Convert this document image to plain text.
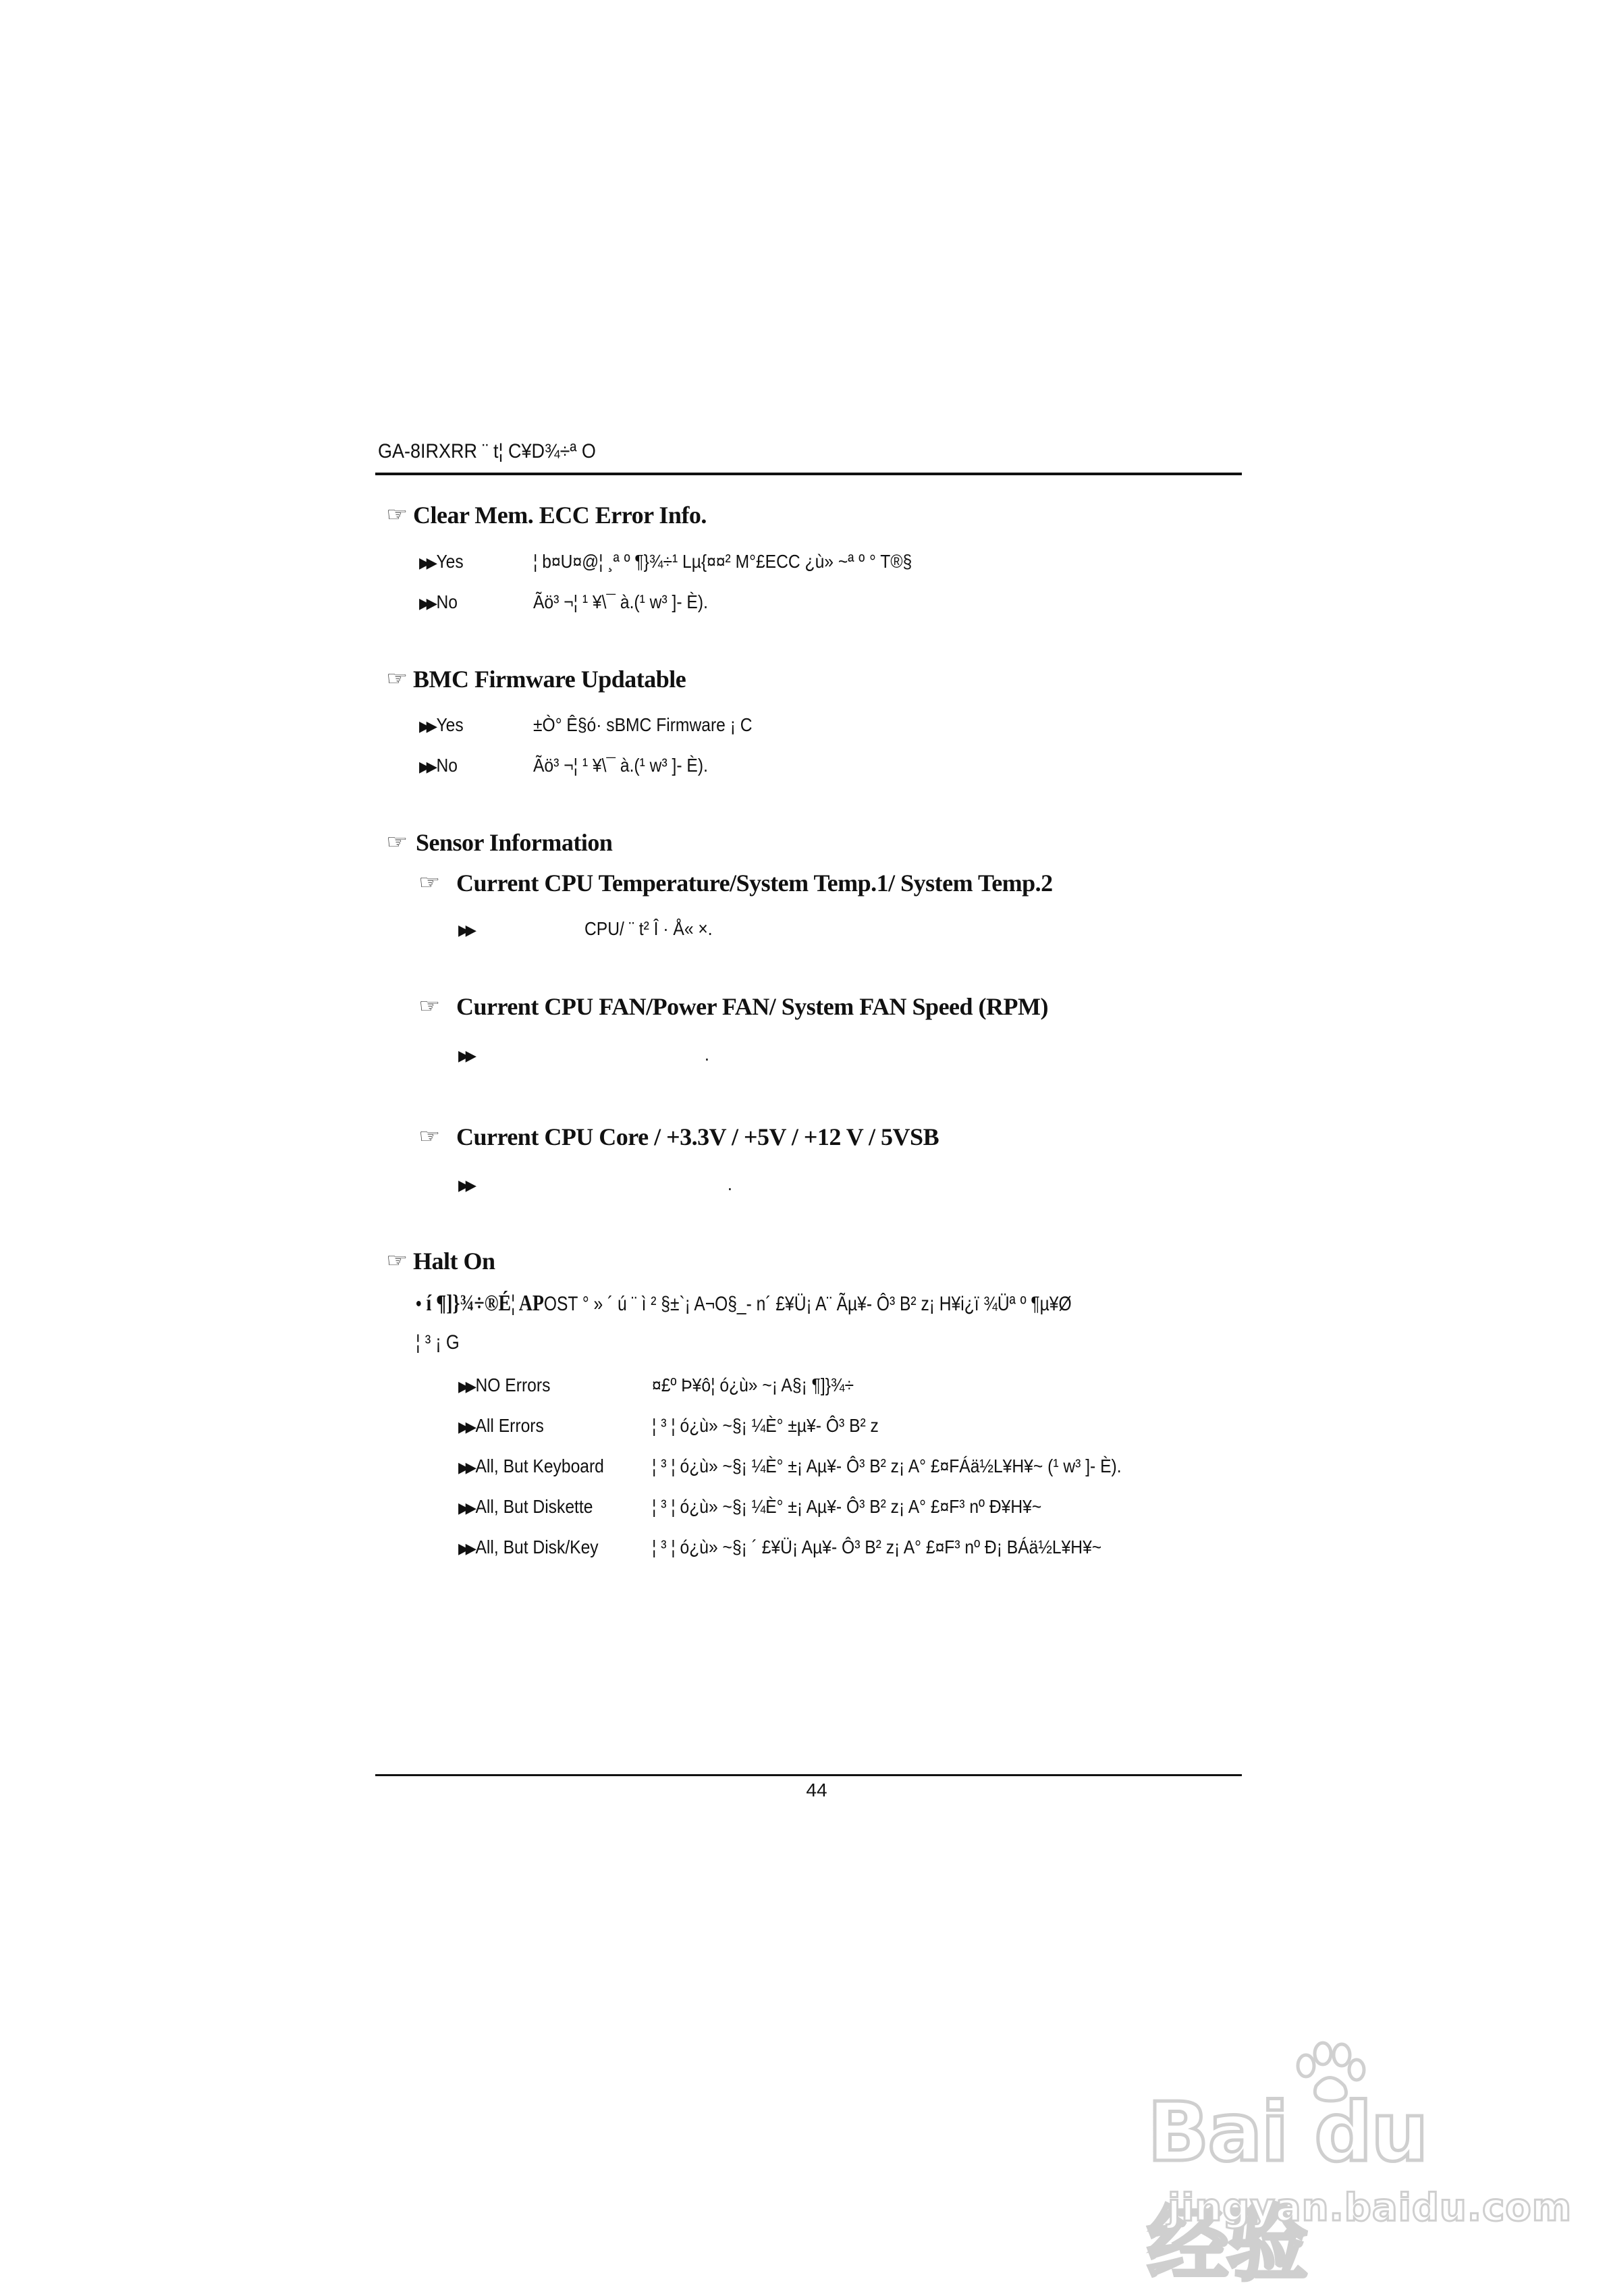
GA-8IRXRR ¨ t¦ C¥D¾÷ª O
☞ Clear Mem. ECC Error Info.
▶▶ Yes	¦ b¤U¤@¦ ¸ª º ¶}¾÷¹ Lµ{¤¤² M°£ECC ¿ù» ~ª º ° T®§
▶▶ No	Ãö³ ¬¦ ¹ ¥\¯ à.(¹ w³ ]- È).
☞ BMC Firmware Updatable
▶▶ Yes	±Ò° Ê§ó· sBMC Firmware ¡ C
▶▶ No	Ãö³ ¬¦ ¹ ¥\¯ à.(¹ w³ ]- È).
☞ Sensor Information
☞ Current CPU Temperature/System Temp.1/ System Temp.2
▶▶	CPU/ ¨ t² Î · Å« ×.
☞ Current CPU FAN/Power FAN/ System FAN Speed (RPM)
▶▶	.
☞ Current CPU Core / +3.3V / +5V / +12 V / 5VSB
▶▶	.
☞ Halt On
• í ¶]}¾÷®É¦ APOST ° » ´ ú ¨ ì ² §±`¡ A¬O§_- n´ £¥Ü¡ A¨ Ãµ¥- Ô³ B² z¡ H¥i¿ï ¾Üª º ¶µ¥Ø
¦ ³ ¡ G
▶▶ NO Errors	¤£º Þ¥ô¦ ó¿ù» ~¡ A§¡ ¶]}¾÷
▶▶ All Errors	¦ ³ ¦ ó¿ù» ~§¡ ¼È° ±µ¥- Ô³ B² z
▶▶ All, But Keyboard	¦ ³ ¦ ó¿ù» ~§¡ ¼È° ±¡ Aµ¥- Ô³ B² z¡ A° £¤FÁä½L¥H¥~ (¹ w³ ]- È).
▶▶ All, But Diskette	¦ ³ ¦ ó¿ù» ~§¡ ¼È° ±¡ Aµ¥- Ô³ B² z¡ A° £¤F³ nº Ð¥H¥~
▶▶ All, But Disk/Key	¦ ³ ¦ ó¿ù» ~§¡ ´ £¥Ü¡ Aµ¥- Ô³ B² z¡ A° £¤F³ nº Ð¡ BÁä½L¥H¥~
44
Bai du 经验
jingyan.baidu.com
